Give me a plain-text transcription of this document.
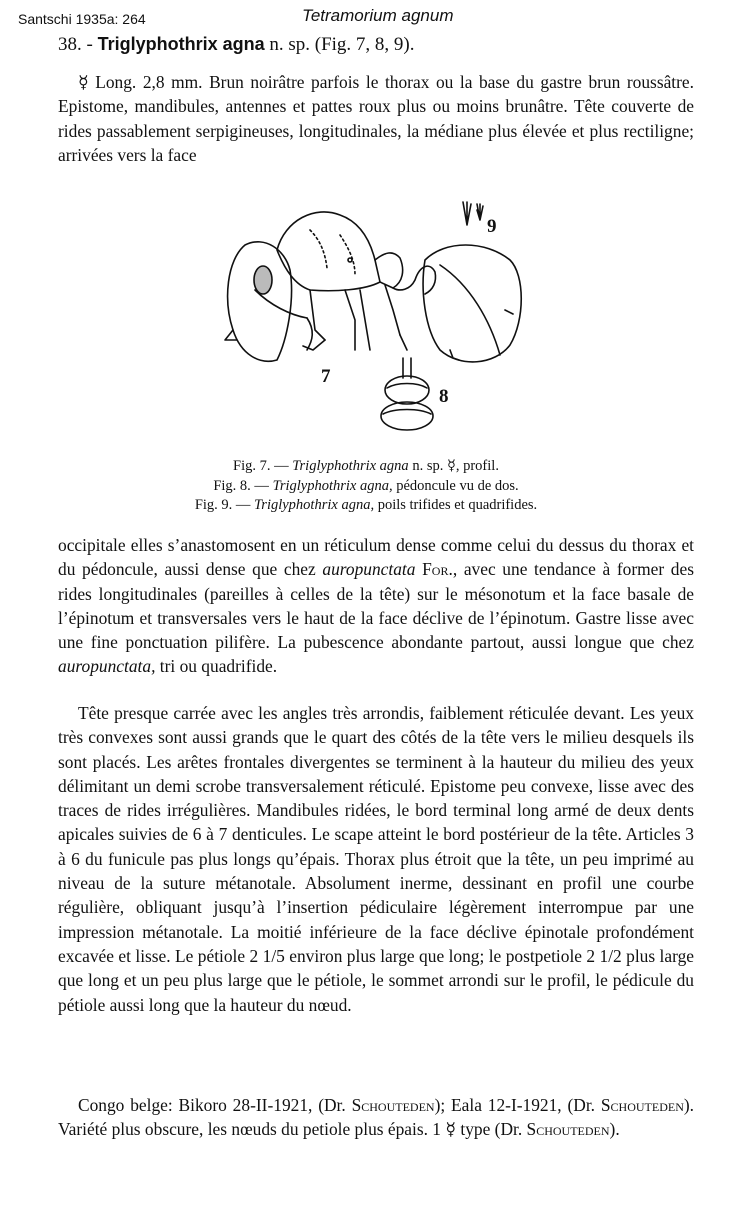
Santschi 1935a: 264	Tetramorium agnum
38. - Triglyphothrix agna n. sp. (Fig. 7, 8, 9).
☿ Long. 2,8 mm. Brun noirâtre parfois le thorax ou la base du gastre brun roussâtre. Epistome, mandibules, antennes et pattes roux plus ou moins brunâtre. Tête couverte de rides passablement serpigineuses, longitudinales, la médiane plus élevée et plus rectiligne; arrivées vers la face
7
8
9
Fig. 7. — Triglyphothrix agna n. sp. ☿, profil.
Fig. 8. — Triglyphothrix agna, pédoncule vu de dos.
Fig. 9. — Triglyphothrix agna, poils trifides et quadrifides.
occipitale elles s’anastomosent en un réticulum dense comme celui du dessus du thorax et du pédoncule, aussi dense que chez auropunctata For., avec une tendance à former des rides longitudinales (pareilles à celles de la tête) sur le mésonotum et la face basale de l’épinotum et transversales vers le haut de la face déclive de l’épinotum. Gastre lisse avec une fine ponctuation pilifère. La pubescence abondante partout, aussi longue que chez auropunctata, tri ou quadrifide.
Tête presque carrée avec les angles très arrondis, faiblement réticulée devant. Les yeux très convexes sont aussi grands que le quart des côtés de la tête vers le milieu desquels ils sont placés. Les arêtes frontales divergentes se terminent à la hauteur du milieu des yeux délimitant un demi scrobe transversalement réticulé. Epistome peu convexe, lisse avec des traces de rides irrégulières. Mandibules ridées, le bord terminal long armé de deux dents apicales suivies de 6 à 7 denticules. Le scape atteint le bord postérieur de la tête. Articles 3 à 6 du funicule pas plus longs qu’épais. Thorax plus étroit que la tête, un peu imprimé au niveau de la suture métanotale. Absolument inerme, dessinant en profil une courbe régulière, obliquant jusqu’à l’insertion pédiculaire légèrement interrompue par une impression métanotale. La moitié inférieure de la face déclive épinotale profondément excavée et lisse. Le pétiole 2 1/5 environ plus large que long; le postpetiole 2 1/2 plus large que long et un peu plus large que le pétiole, le sommet arrondi sur le profil, le pédicule du pétiole aussi long que la hauteur du nœud.
Congo belge: Bikoro 28-II-1921, (Dr. Schouteden); Eala 12-I-1921, (Dr. Schouteden). Variété plus obscure, les nœuds du petiole plus épais. 1 ☿ type (Dr. Schouteden).
